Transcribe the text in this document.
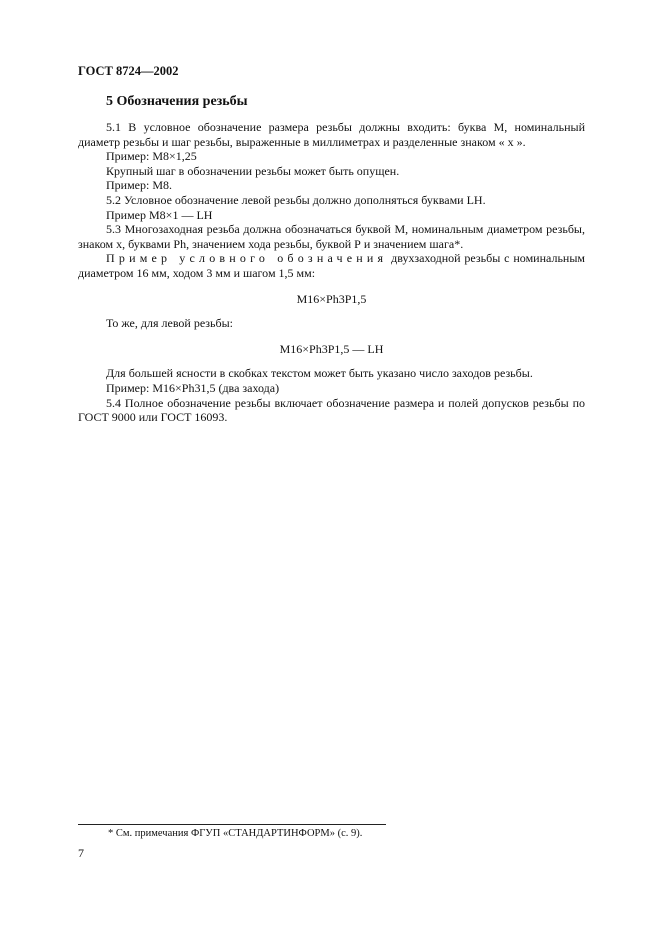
ГОСТ 8724—2002
5 Обозначения резьбы

5.1 В условное обозначение размера резьбы должны входить: буква М, номинальный диаметр резьбы и шаг резьбы, выраженные в миллиметрах и разделенные знаком « х ».

Пример: М8×1,25

Крупный шаг в обозначении резьбы может быть опущен.

Пример: М8.

5.2 Условное обозначение левой резьбы должно дополняться буквами LH.

Пример М8×1 — LH

5.3 Многозаходная резьба должна обозначаться буквой М, номинальным диаметром резьбы, знаком х, буквами Ph, значением хода резьбы, буквой Р и значением шага*.

Пример условного обозначения двухзаходной резьбы с номинальным диаметром 16 мм, ходом 3 мм и шагом 1,5 мм:

M16×Ph3P1,5

То же, для левой резьбы:

M16×Ph3P1,5 — LH

Для большей ясности в скобках текстом может быть указано число заходов резьбы.

Пример: M16×Ph31,5 (два захода)

5.4 Полное обозначение резьбы включает обозначение размера и полей допусков резьбы по ГОСТ 9000 или ГОСТ 16093.

* См. примечания ФГУП «СТАНДАРТИНФОРМ» (с. 9).
7
